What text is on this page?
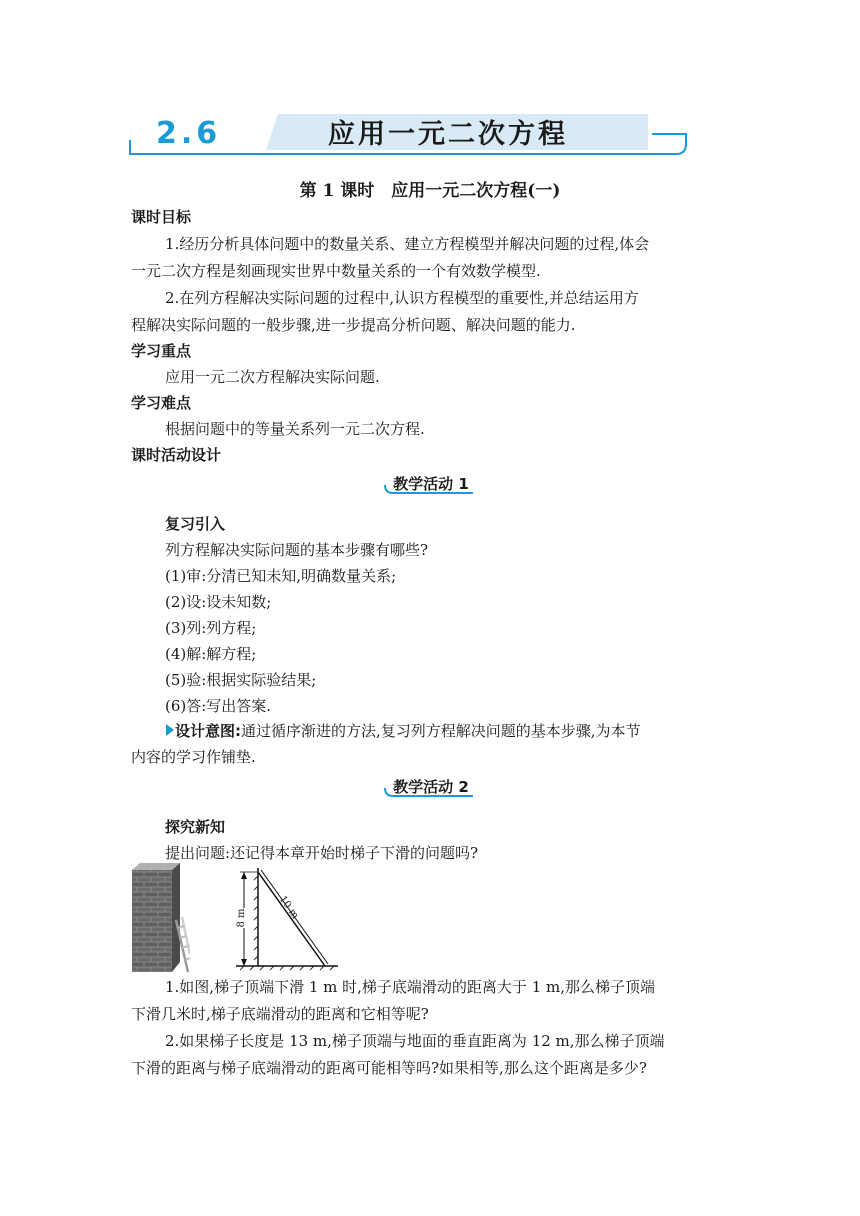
2.6	应用一元二次方程
第 1 课时　应用一元二次方程(一)
课时目标
1.经历分析具体问题中的数量关系、建立方程模型并解决问题的过程,体会
一元二次方程是刻画现实世界中数量关系的一个有效数学模型.
2.在列方程解决实际问题的过程中,认识方程模型的重要性,并总结运用方
程解决实际问题的一般步骤,进一步提高分析问题、解决问题的能力.
学习重点
应用一元二次方程解决实际问题.
学习难点
根据问题中的等量关系列一元二次方程.
课时活动设计
教学活动 1
复习引入
列方程解决实际问题的基本步骤有哪些?
(1)审:分清已知未知,明确数量关系;
(2)设:设未知数;
(3)列:列方程;
(4)解:解方程;
(5)验:根据实际验结果;
(6)答:写出答案.
设计意图:通过循序渐进的方法,复习列方程解决问题的基本步骤,为本节
内容的学习作铺垫.
教学活动 2
探究新知
提出问题:还记得本章开始时梯子下滑的问题吗?
8 m	10 m
1.如图,梯子顶端下滑 1 m 时,梯子底端滑动的距离大于 1 m,那么梯子顶端
下滑几米时,梯子底端滑动的距离和它相等呢?
2.如果梯子长度是 13 m,梯子顶端与地面的垂直距离为 12 m,那么梯子顶端
下滑的距离与梯子底端滑动的距离可能相等吗?如果相等,那么这个距离是多少?
